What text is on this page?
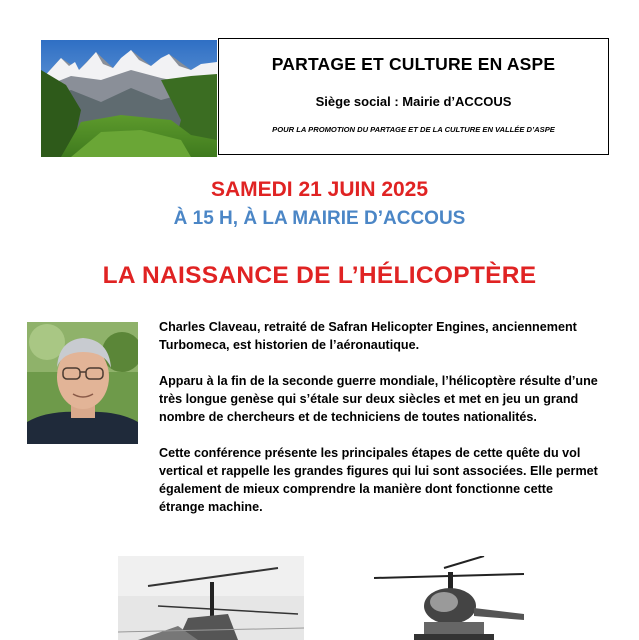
PARTAGE ET CULTURE EN ASPE
Siège social : Mairie d’ACCOUS
POUR LA PROMOTION DU PARTAGE ET DE LA CULTURE EN VALLÉE D’ASPE
SAMEDI 21 JUIN 2025
À 15 H, À LA MAIRIE D’ACCOUS
LA NAISSANCE DE L’HÉLICOPTÈRE

Charles Claveau, retraité de Safran Helicopter Engines, anciennement Turbomeca, est historien de l’aéronautique.

Apparu à la fin de la seconde guerre mondiale, l’hélicoptère résulte d’une très longue genèse qui s’étale sur deux siècles et met en jeu un grand nombre de chercheurs et de techniciens de toutes nationalités.

Cette conférence présente les principales étapes de cette quête du vol vertical et rappelle les grandes figures qui lui sont associées. Elle permet également de mieux comprendre la manière dont fonctionne cette étrange machine.
